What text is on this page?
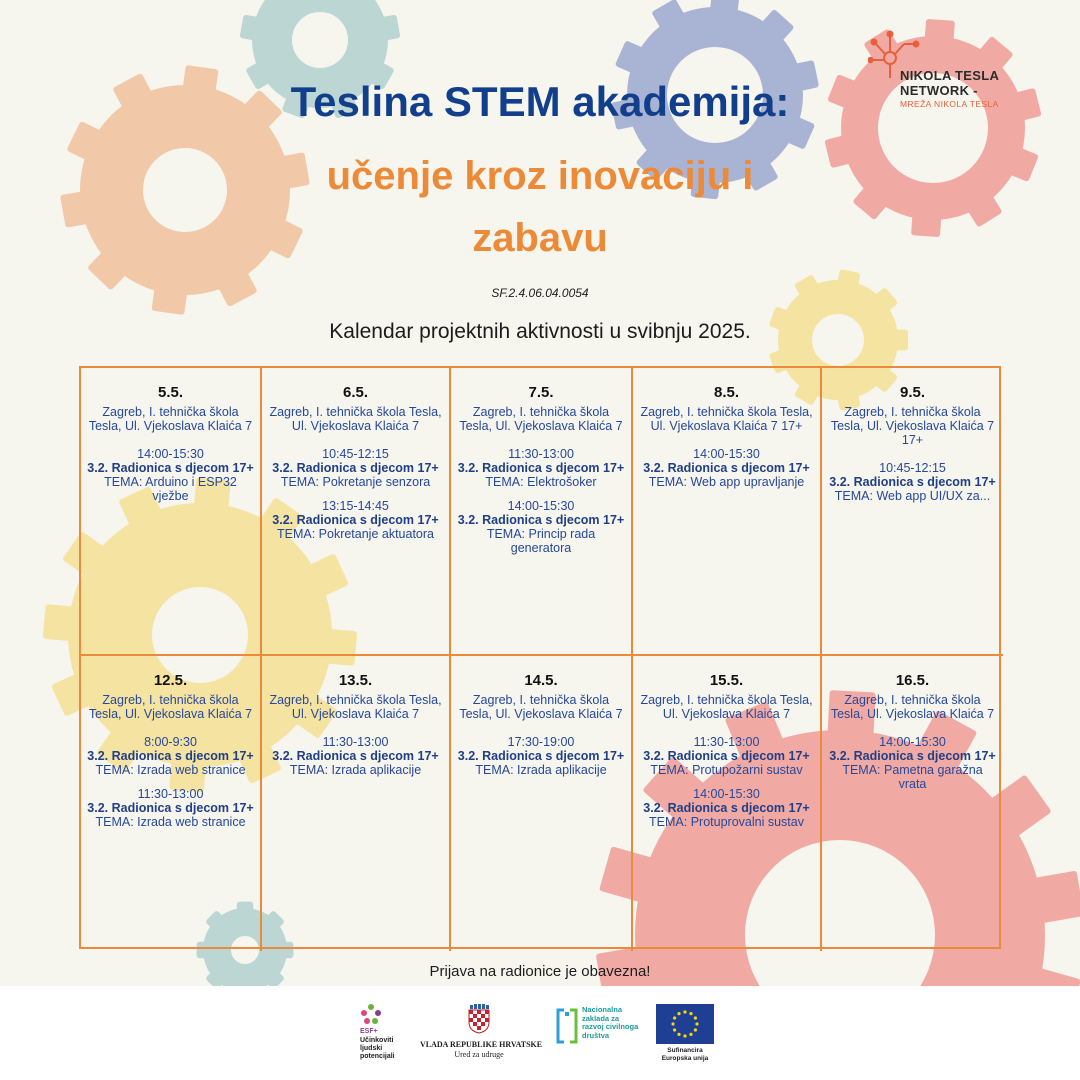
Teslina STEM akademija:
učenje kroz inovaciju i
zabavu
SF.2.4.06.04.0054
Kalendar projektnih aktivnosti u svibnju 2025.
NIKOLA TESLA
NETWORK -
MREŽA NIKOLA TESLA
5.5.
Zagreb, I. tehnička škola Tesla, Ul. Vjekoslava Klaića 7
14:00-15:30
3.2. Radionica s djecom 17+
TEMA: Arduino i ESP32 vježbe
6.5.
Zagreb, I. tehnička škola Tesla, Ul. Vjekoslava Klaića 7
10:45-12:15
3.2. Radionica s djecom 17+
TEMA: Pokretanje senzora
13:15-14:45
3.2. Radionica s djecom 17+
TEMA: Pokretanje aktuatora
7.5.
Zagreb, I. tehnička škola Tesla, Ul. Vjekoslava Klaića 7
11:30-13:00
3.2. Radionica s djecom 17+
TEMA: Elektrošoker
14:00-15:30
3.2. Radionica s djecom 17+
TEMA: Princip rada generatora
8.5.
Zagreb, I. tehnička škola Tesla, Ul. Vjekoslava Klaića 7 17+
14:00-15:30
3.2. Radionica s djecom 17+
TEMA: Web app upravljanje
9.5.
Zagreb, I. tehnička škola Tesla, Ul. Vjekoslava Klaića 7 17+
10:45-12:15
3.2. Radionica s djecom 17+
TEMA: Web app UI/UX za...
12.5.
Zagreb, I. tehnička škola Tesla, Ul. Vjekoslava Klaića 7
8:00-9:30
3.2. Radionica s djecom 17+
TEMA: Izrada web stranice
11:30-13:00
3.2. Radionica s djecom 17+
TEMA: Izrada web stranice
13.5.
Zagreb, I. tehnička škola Tesla, Ul. Vjekoslava Klaića 7
11:30-13:00
3.2. Radionica s djecom 17+
TEMA: Izrada aplikacije
14.5.
Zagreb, I. tehnička škola Tesla, Ul. Vjekoslava Klaića 7
17:30-19:00
3.2. Radionica s djecom 17+
TEMA: Izrada aplikacije
15.5.
Zagreb, I. tehnička škola Tesla, Ul. Vjekoslava Klaića 7
11:30-13:00
3.2. Radionica s djecom 17+
TEMA: Protupožarni sustav
14:00-15:30
3.2. Radionica s djecom 17+
TEMA: Protuprovalni sustav
16.5.
Zagreb, I. tehnička škola Tesla, Ul. Vjekoslava Klaića 7
14:00-15:30
3.2. Radionica s djecom 17+
TEMA: Pametna garažna vrata
Prijava na radionice je obavezna!
ESF+
Učinkoviti ljudski potencijali
VLADA REPUBLIKE HRVATSKE
Ured za udruge
Nacionalna zaklada za razvoj civilnoga društva
Sufinancira Europska unija
